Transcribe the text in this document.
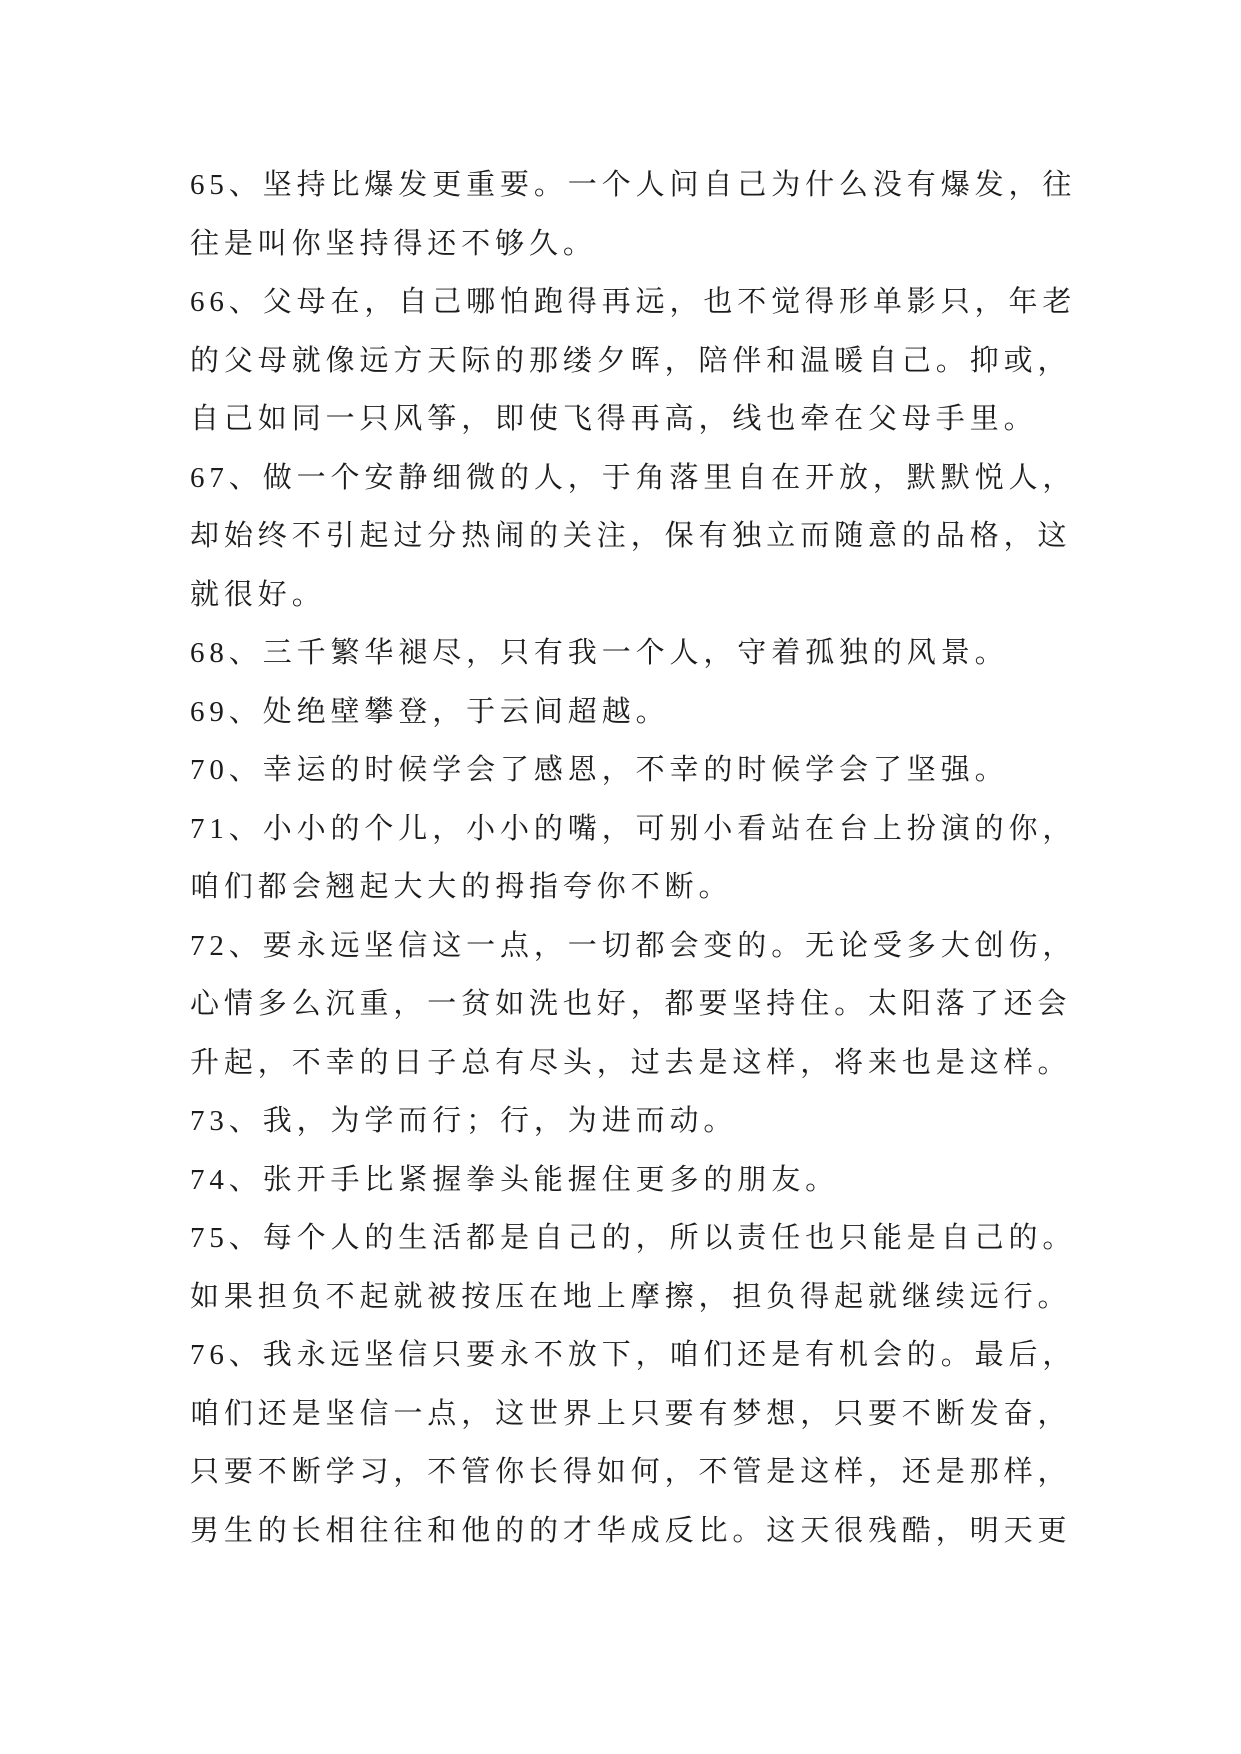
65、坚持比爆发更重要。一个人问自己为什么没有爆发，往
往是叫你坚持得还不够久。
66、父母在，自己哪怕跑得再远，也不觉得形单影只，年老
的父母就像远方天际的那缕夕晖，陪伴和温暖自己。抑或，
自己如同一只风筝，即使飞得再高，线也牵在父母手里。
67、做一个安静细微的人，于角落里自在开放，默默悦人，
却始终不引起过分热闹的关注，保有独立而随意的品格，这
就很好。
68、三千繁华褪尽，只有我一个人，守着孤独的风景。
69、处绝壁攀登，于云间超越。
70、幸运的时候学会了感恩，不幸的时候学会了坚强。
71、小小的个儿，小小的嘴，可别小看站在台上扮演的你，
咱们都会翘起大大的拇指夸你不断。
72、要永远坚信这一点，一切都会变的。无论受多大创伤，
心情多么沉重，一贫如洗也好，都要坚持住。太阳落了还会
升起，不幸的日子总有尽头，过去是这样，将来也是这样。
73、我，为学而行；行，为进而动。
74、张开手比紧握拳头能握住更多的朋友。
75、每个人的生活都是自己的，所以责任也只能是自己的。
如果担负不起就被按压在地上摩擦，担负得起就继续远行。
76、我永远坚信只要永不放下，咱们还是有机会的。最后，
咱们还是坚信一点，这世界上只要有梦想，只要不断发奋，
只要不断学习，不管你长得如何，不管是这样，还是那样，
男生的长相往往和他的的才华成反比。这天很残酷，明天更
